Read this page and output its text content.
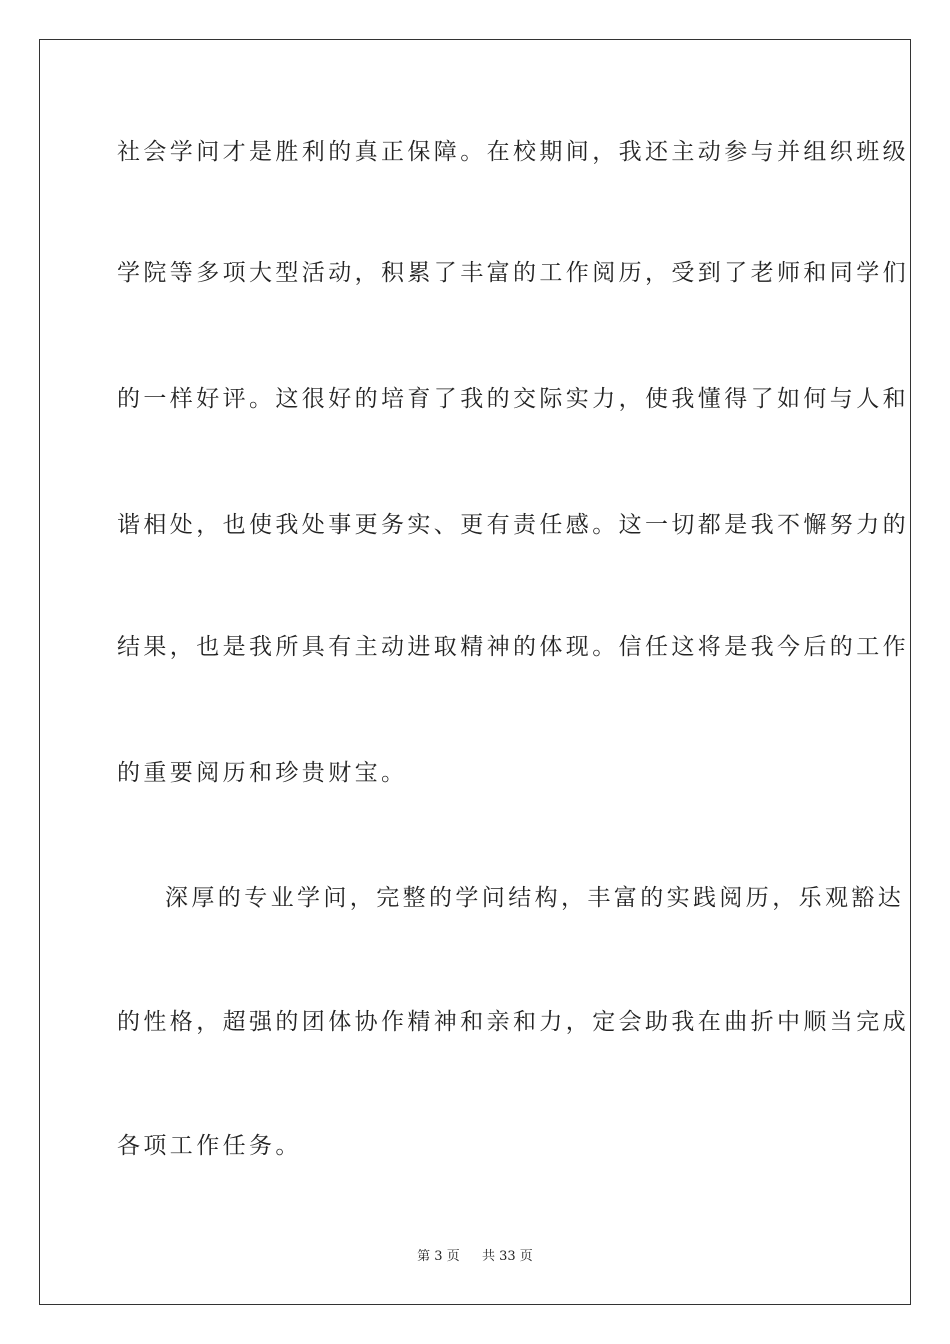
社会学问才是胜利的真正保障。在校期间，我还主动参与并组织班级
学院等多项大型活动，积累了丰富的工作阅历，受到了老师和同学们
的一样好评。这很好的培育了我的交际实力，使我懂得了如何与人和
谐相处，也使我处事更务实、更有责任感。这一切都是我不懈努力的
结果，也是我所具有主动进取精神的体现。信任这将是我今后的工作
的重要阅历和珍贵财宝。
深厚的专业学问，完整的学问结构，丰富的实践阅历，乐观豁达
的性格，超强的团体协作精神和亲和力，定会助我在曲折中顺当完成
各项工作任务。
第 3 页 共 33 页
